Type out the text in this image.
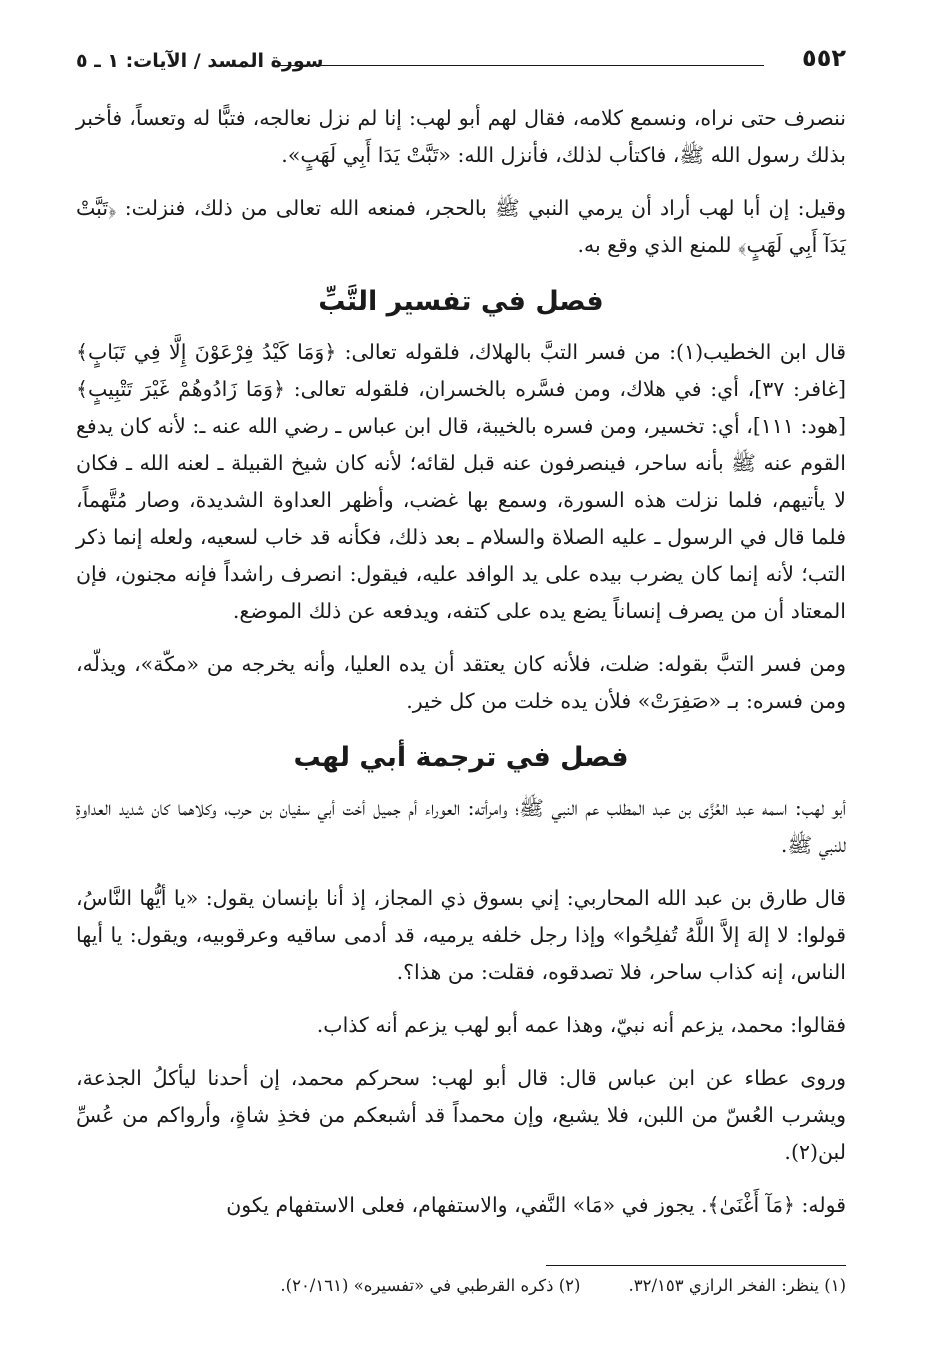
٥٥٢
سورة المسد / الآيات: ١ ـ ٥

ننصرف حتى نراه، ونسمع كلامه، فقال لهم أبو لهب: إنا لم نزل نعالجه، فتبًّا له وتعساً، فأخبر بذلك رسول الله ﷺ، فاكتأب لذلك، فأنزل الله: «تَبَّتْ يَدَا أَبِي لَهَبٍ».

وقيل: إن أبا لهب أراد أن يرمي النبي ﷺ بالحجر، فمنعه الله تعالى من ذلك، فنزلت: ﴿تَبَّتْ يَدَآ أَبِي لَهَبٍ﴾ للمنع الذي وقع به.

فصل في تفسير التَّبِّ

قال ابن الخطيب(١): من فسر التبَّ بالهلاك، فلقوله تعالى: ﴿وَمَا كَيْدُ فِرْعَوْنَ إِلَّا فِي تَبَابٍ﴾ [غافر: ٣٧]، أي: في هلاك، ومن فسَّره بالخسران، فلقوله تعالى: ﴿وَمَا زَادُوهُمْ غَيْرَ تَتْبِيبٍ﴾ [هود: ١١١]، أي: تخسير، ومن فسره بالخيبة، قال ابن عباس ـ رضي الله عنه ـ: لأنه كان يدفع القوم عنه ﷺ بأنه ساحر، فينصرفون عنه قبل لقائه؛ لأنه كان شيخ القبيلة ـ لعنه الله ـ فكان لا يأتيهم، فلما نزلت هذه السورة، وسمع بها غضب، وأظهر العداوة الشديدة، وصار مُتَّهماً، فلما قال في الرسول ـ عليه الصلاة والسلام ـ بعد ذلك، فكأنه قد خاب لسعيه، ولعله إنما ذكر التب؛ لأنه إنما كان يضرب بيده على يد الوافد عليه، فيقول: انصرف راشداً فإنه مجنون، فإن المعتاد أن من يصرف إنساناً يضع يده على كتفه، ويدفعه عن ذلك الموضع.

ومن فسر التبَّ بقوله: ضلت، فلأنه كان يعتقد أن يده العليا، وأنه يخرجه من «مكّة»، ويذلّه، ومن فسره: بـ «صَفِرَتْ» فلأن يده خلت من كل خير.

فصل في ترجمة أبي لهب

أبو لهب: اسمه عبد العُزَّى بن عبد المطلب عم النبي ﷺ؛ وامرأته: العوراء أم جميل أخت أبي سفيان بن حرب، وكلاهما كان شديد العداوةِ للنبي ﷺ.

قال طارق بن عبد الله المحاربي: إني بسوق ذي المجاز، إذ أنا بإنسان يقول: «يا أيُّها النَّاسُ، قولوا: لا إلهَ إلاَّ اللَّهُ تُفلِحُوا» وإذا رجل خلفه يرميه، قد أدمى ساقيه وعرقوبيه، ويقول: يا أيها الناس، إنه كذاب ساحر، فلا تصدقوه، فقلت: من هذا؟.

فقالوا: محمد، يزعم أنه نبيّ، وهذا عمه أبو لهب يزعم أنه كذاب.

وروى عطاء عن ابن عباس قال: قال أبو لهب: سحركم محمد، إن أحدنا ليأكلُ الجذعة، ويشرب العُسّ من اللبن، فلا يشبع، وإن محمداً قد أشبعكم من فخذِ شاةٍ، وأرواكم من عُسِّ لبن(٢).

قوله: ﴿مَآ أَغْنَىٰ﴾. يجوز في «مَا» النَّفي، والاستفهام، فعلى الاستفهام يكون

(١) ينظر: الفخر الرازي ٣٢/١٥٣.
(٢) ذكره القرطبي في «تفسيره» (٢٠/١٦١).
